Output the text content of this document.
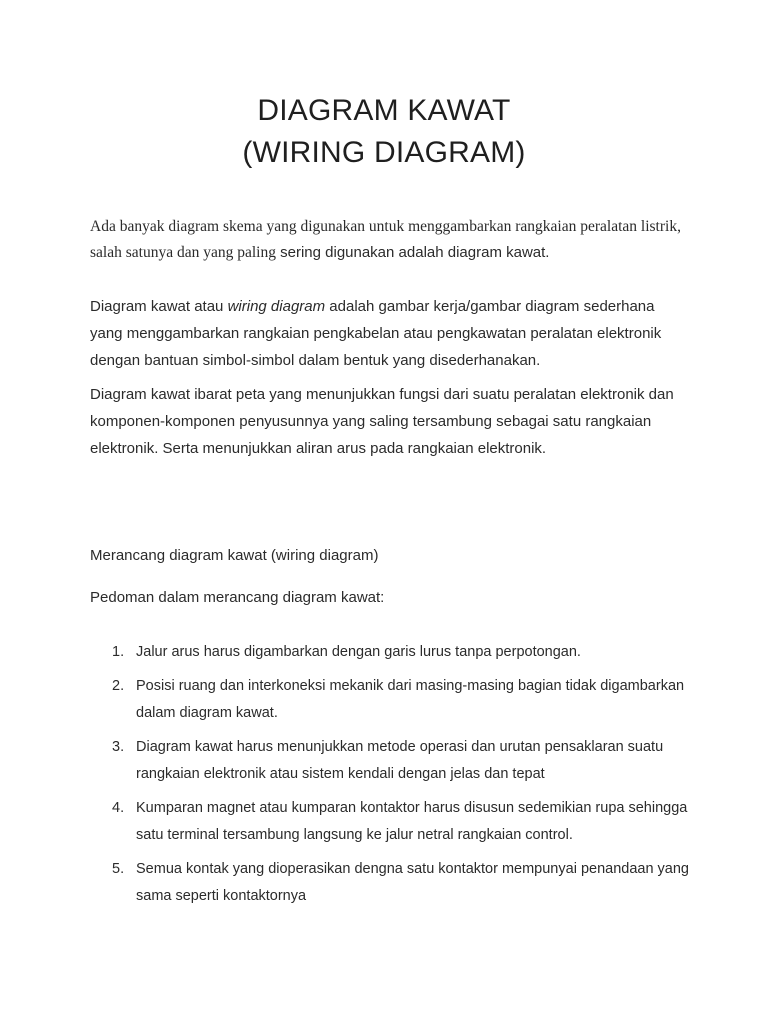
DIAGRAM KAWAT
(WIRING DIAGRAM)
Ada banyak diagram skema yang digunakan untuk menggambarkan rangkaian peralatan listrik, salah satunya dan yang paling sering digunakan adalah diagram kawat.
Diagram kawat atau wiring diagram adalah gambar kerja/gambar diagram sederhana yang menggambarkan rangkaian pengkabelan atau pengkawatan peralatan elektronik dengan bantuan simbol-simbol dalam bentuk yang disederhanakan.
Diagram kawat ibarat peta yang menunjukkan fungsi dari suatu peralatan elektronik dan komponen-komponen penyusunnya yang saling tersambung sebagai satu rangkaian elektronik. Serta menunjukkan aliran arus pada rangkaian elektronik.
Merancang diagram kawat (wiring diagram)
Pedoman dalam merancang diagram kawat:
1. Jalur arus harus digambarkan dengan garis lurus tanpa perpotongan.
2. Posisi ruang dan interkoneksi mekanik dari masing-masing bagian tidak digambarkan dalam diagram kawat.
3. Diagram kawat harus menunjukkan metode operasi dan urutan pensaklaran suatu rangkaian elektronik atau sistem kendali dengan jelas dan tepat
4. Kumparan magnet atau kumparan kontaktor harus disusun sedemikian rupa sehingga satu terminal tersambung langsung ke jalur netral rangkaian control.
5. Semua kontak yang dioperasikan dengna satu kontaktor mempunyai penandaan yang sama seperti kontaktornya
